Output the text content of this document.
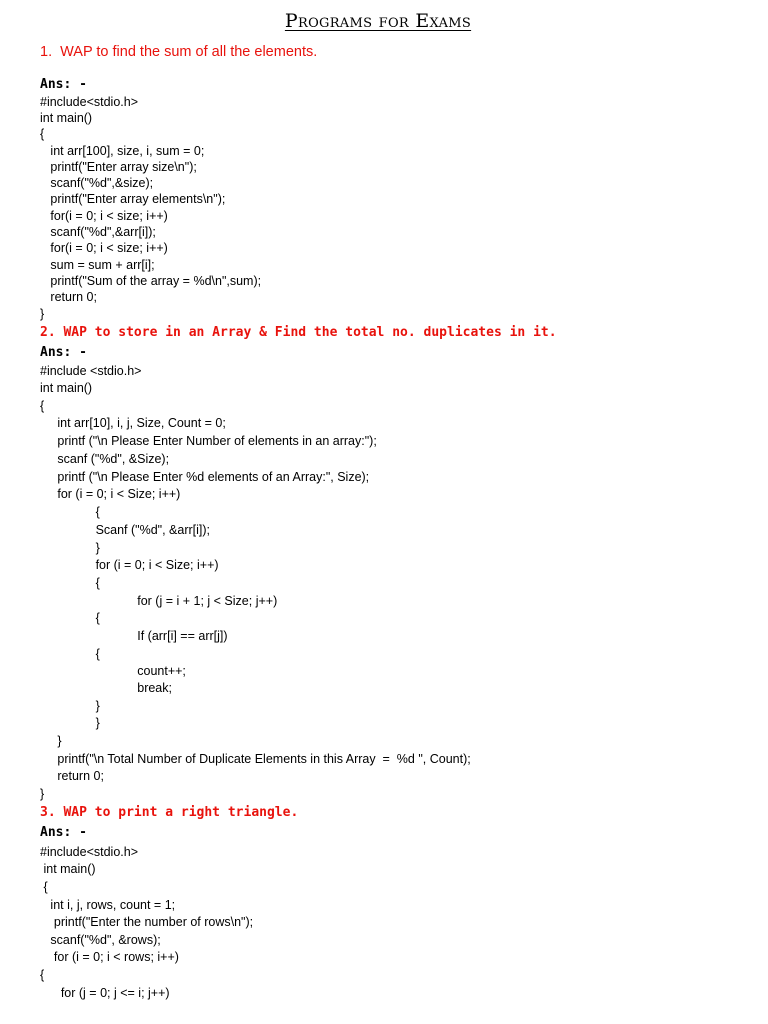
Programs for Exams
1.  WAP to find the sum of all the elements.
Ans: -
#include<stdio.h>
int main()
{
int arr[100], size, i, sum = 0;
printf("Enter array size\n");
scanf("%d",&size);
printf("Enter array elements\n");
for(i = 0; i < size; i++)
scanf("%d",&arr[i]);
for(i = 0; i < size; i++)
sum = sum + arr[i];
printf("Sum of the array = %d\n",sum);
return 0;
}
2. WAP to store in an Array & Find the total no. duplicates in it.
Ans: -
#include <stdio.h>
int main()
{
int arr[10], i, j, Size, Count = 0;
printf ("\n Please Enter Number of elements in an array:");
scanf ("%d", &Size);
printf ("\n Please Enter %d elements of an Array:", Size);
for (i = 0; i < Size; i++)
{
Scanf ("%d", &arr[i]);
}
for (i = 0; i < Size; i++)
{
for (j = i + 1; j < Size; j++)
{
If (arr[i] == arr[j])
{
count++;
break;
}
}
}
printf("\n Total Number of Duplicate Elements in this Array  =  %d ", Count);
return 0;
}
3. WAP to print a right triangle.
Ans: -
#include<stdio.h>
int main()
{
int i, j, rows, count = 1;
printf("Enter the number of rows\n");
scanf("%d", &rows);
for (i = 0; i < rows; i++)
{
for (j = 0; j <= i; j++)
